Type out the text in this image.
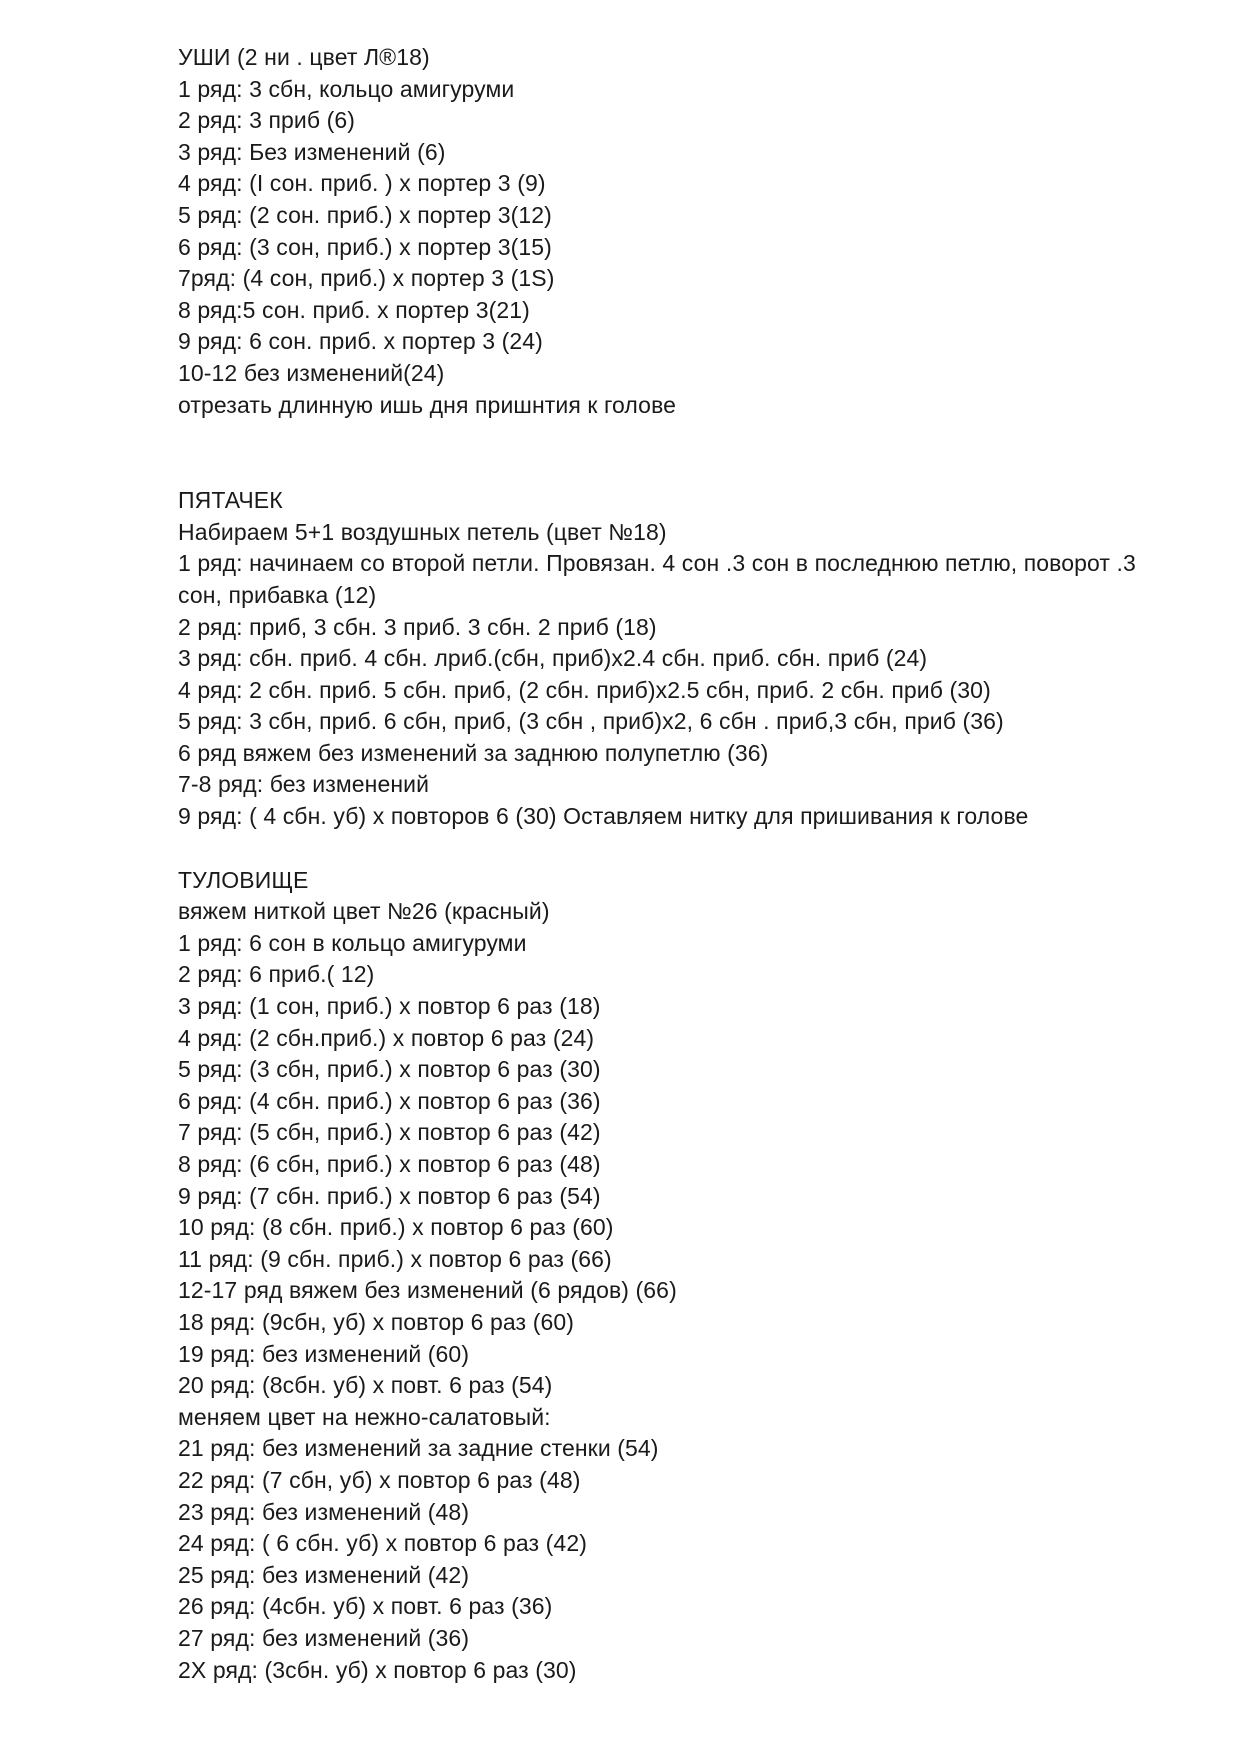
УШИ (2 ни . цвет Л®18)
1 ряд: 3 сбн, кольцо амигуруми
2 ряд: 3 приб (6)
3 ряд: Без изменений (6)
4 ряд: (I сон. приб. ) х портер 3 (9)
5 ряд: (2 сон. приб.) х портер 3(12)
6 ряд: (3 сон, приб.) х портер 3(15)
7ряд: (4 сон, приб.) х портер 3 (1S)
8 ряд:5 сон. приб. х портер 3(21)
9 ряд: 6 сон. приб. х портер 3 (24)
10-12 без изменений(24)
отрезать длинную ишь дня пришнтия к голове
ПЯТАЧЕК
Набираем 5+1 воздушных петель (цвет №18)
1 ряд: начинаем со второй петли. Провязан. 4 сон .3 сон в последнюю петлю, поворот .3 сон, прибавка (12)
2 ряд: приб, 3 сбн. 3 приб. 3 сбн. 2 приб (18)
3 ряд: сбн. приб. 4 сбн. лриб.(сбн, приб)х2.4 сбн. приб. сбн. приб (24)
4 ряд: 2 сбн. приб. 5 сбн. приб, (2 сбн. приб)х2.5 сбн, приб. 2 сбн. приб (30)
5 ряд: 3 сбн, приб. 6 сбн, приб, (3 сбн , приб)х2, 6 сбн . приб,3 сбн, приб (36)
6 ряд вяжем без изменений за заднюю полупетлю (36)
7-8 ряд: без изменений
9 ряд: ( 4 сбн. уб) х повторов 6 (30) Оставляем нитку для пришивания к голове
ТУЛОВИЩЕ
вяжем ниткой цвет №26 (красный)
1 ряд: 6 сон в кольцо амигуруми
2 ряд: 6 приб.( 12)
3 ряд: (1 сон, приб.) х повтор 6 раз (18)
4 ряд: (2 сбн.приб.) х повтор 6 раз (24)
5 ряд: (3 сбн, приб.) х повтор 6 раз (30)
6 ряд: (4 сбн. приб.) х повтор 6 раз (36)
7 ряд: (5 сбн, приб.) х повтор 6 раз (42)
8 ряд: (6 сбн, приб.) х повтор 6 раз (48)
9 ряд: (7 сбн. приб.) х повтор 6 раз (54)
10 ряд: (8 сбн. приб.) х повтор 6 раз (60)
11 ряд: (9 сбн. приб.) х повтор 6 раз (66)
12-17 ряд вяжем без изменений (6 рядов) (66)
18 ряд: (9сбн, уб) х повтор 6 раз (60)
19 ряд: без изменений (60)
20 ряд: (8сбн. уб) х повт. 6 раз (54)
меняем цвет на нежно-салатовый:
21 ряд: без изменений за задние стенки (54)
22 ряд: (7 сбн, уб) х повтор 6 раз (48)
23 ряд: без изменений (48)
24 ряд: ( 6 сбн. уб) х повтор 6 раз (42)
25 ряд: без изменений (42)
26 ряд: (4сбн. уб) х повт. 6 раз (36)
27 ряд: без изменений (36)
2Х ряд: (3сбн. уб) х повтор 6 раз (30)
